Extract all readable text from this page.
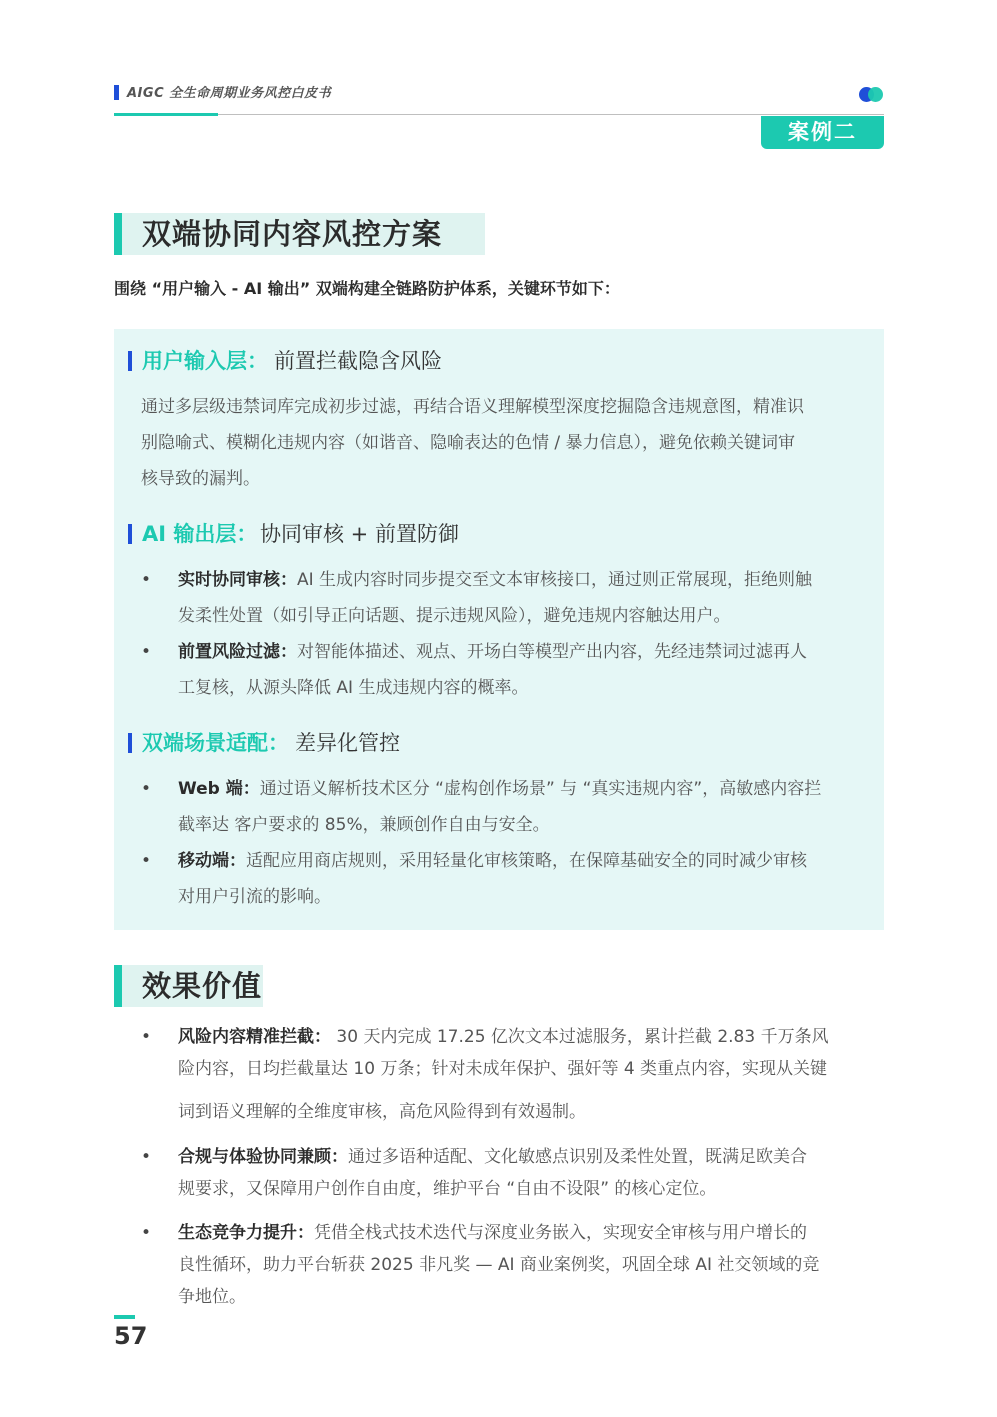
AIGC 全生命周期业务风控白皮书
案例二
双端协同内容风控方案
围绕 “用户输入 - AI 输出” 双端构建全链路防护体系，关键环节如下：
用户输入层： 前置拦截隐含风险
通过多层级违禁词库完成初步过滤，再结合语义理解模型深度挖掘隐含违规意图，精准识
别隐喻式、模糊化违规内容（如谐音、隐喻表达的色情 / 暴力信息），避免依赖关键词审
核导致的漏判。
AI 输出层： 协同审核 + 前置防御
• 实时协同审核：AI 生成内容时同步提交至文本审核接口，通过则正常展现，拒绝则触
发柔性处置（如引导正向话题、提示违规风险），避免违规内容触达用户。
• 前置风险过滤：对智能体描述、观点、开场白等模型产出内容，先经违禁词过滤再人
工复核，从源头降低 AI 生成违规内容的概率。
双端场景适配： 差异化管控
• Web 端：通过语义解析技术区分 “虚构创作场景” 与 “真实违规内容”，高敏感内容拦
截率达 客户要求的 85%，兼顾创作自由与安全。
• 移动端：适配应用商店规则，采用轻量化审核策略，在保障基础安全的同时减少审核
对用户引流的影响。
效果价值
• 风险内容精准拦截： 30 天内完成 17.25 亿次文本过滤服务，累计拦截 2.83 千万条风
险内容，日均拦截量达 10 万条；针对未成年保护、强奸等 4 类重点内容，实现从关键
词到语义理解的全维度审核，高危风险得到有效遏制。
• 合规与体验协同兼顾：通过多语种适配、文化敏感点识别及柔性处置，既满足欧美合
规要求，又保障用户创作自由度，维护平台 “自由不设限” 的核心定位。
• 生态竞争力提升：凭借全栈式技术迭代与深度业务嵌入，实现安全审核与用户增长的
良性循环，助力平台斩获 2025 非凡奖 — AI 商业案例奖，巩固全球 AI 社交领域的竞
争地位。
57
